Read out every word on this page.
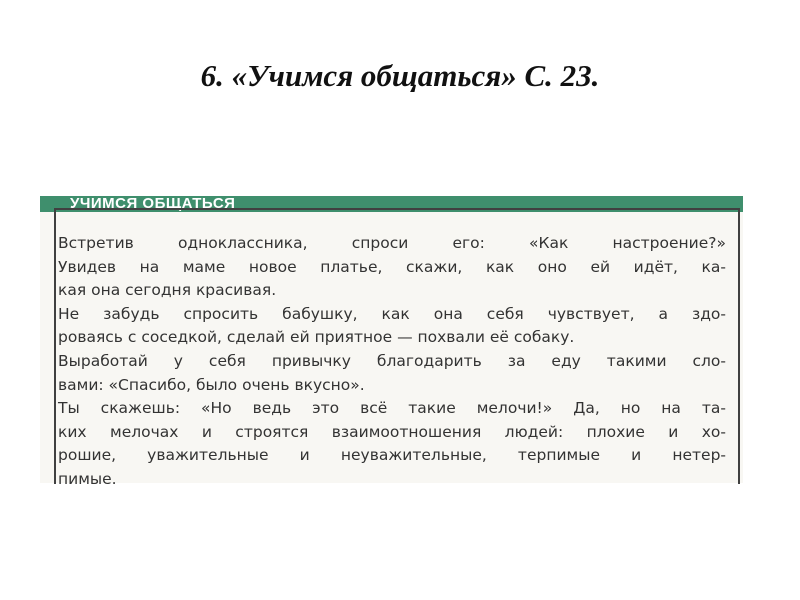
6. «Учимся общаться» С. 23.
УЧИМСЯ ОБЩАТЬСЯ
Встретив одноклассника, спроси его: «Как настроение?»
Увидев на маме новое платье, скажи, как оно ей идёт, ка-
кая она сегодня красивая.
Не забудь спросить бабушку, как она себя чувствует, а здо-
роваясь с соседкой, сделай ей приятное — похвали её собаку.
Выработай у себя привычку благодарить за еду такими сло-
вами: «Спасибо, было очень вкусно».
Ты скажешь: «Но ведь это всё такие мелочи!» Да, но на та-
ких мелочах и строятся взаимоотношения людей: плохие и хо-
рошие, уважительные и неуважительные, терпимые и нетер-
пимые.
